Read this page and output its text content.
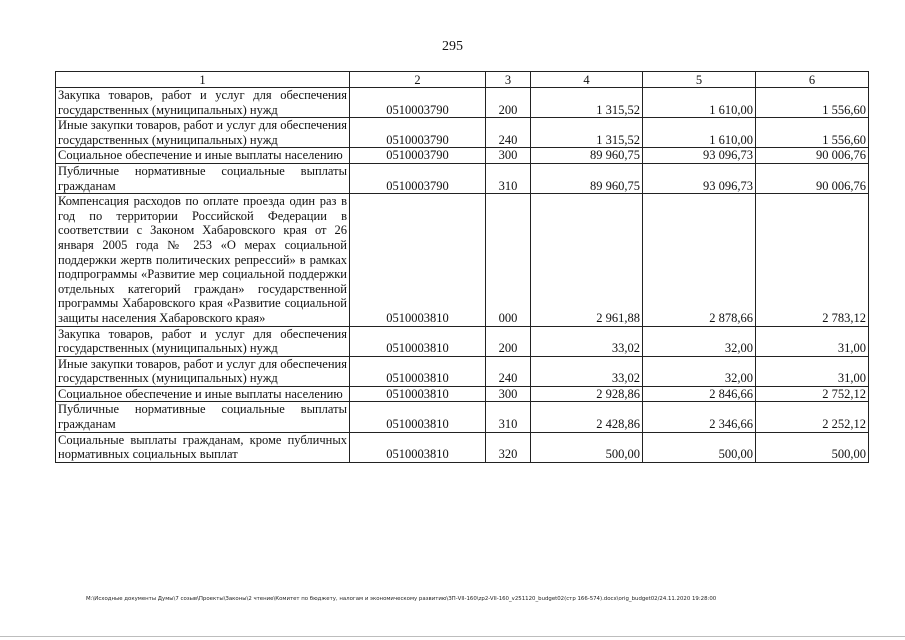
295
1	2	3	4	5	6
Закупка товаров, работ и услуг для обеспечения государственных (муниципальных) нужд	0510003790	200	1 315,52	1 610,00	1 556,60
Иные закупки товаров, работ и услуг для обеспечения государственных (муниципальных) нужд	0510003790	240	1 315,52	1 610,00	1 556,60
Социальное обеспечение и иные выплаты населению	0510003790	300	89 960,75	93 096,73	90 006,76
Публичные нормативные социальные выплаты гражданам	0510003790	310	89 960,75	93 096,73	90 006,76
Компенсация расходов по оплате проезда один раз в год по территории Российской Федерации в соответствии с Законом Хабаровского края от 26 января 2005 года № 253 «О мерах социальной поддержки жертв политических репрессий» в рамках подпрограммы «Развитие мер социальной поддержки отдельных категорий граждан» государственной программы Хабаровского края «Развитие социальной защиты населения Хабаровского края»	0510003810	000	2 961,88	2 878,66	2 783,12
Закупка товаров, работ и услуг для обеспечения государственных (муниципальных) нужд	0510003810	200	33,02	32,00	31,00
Иные закупки товаров, работ и услуг для обеспечения государственных (муниципальных) нужд	0510003810	240	33,02	32,00	31,00
Социальное обеспечение и иные выплаты населению	0510003810	300	2 928,86	2 846,66	2 752,12
Публичные нормативные социальные выплаты гражданам	0510003810	310	2 428,86	2 346,66	2 252,12
Социальные выплаты гражданам, кроме публичных нормативных социальных выплат	0510003810	320	500,00	500,00	500,00
M:\Исходные документы Думы\7 созыв\Проекты\Законы\2 чтение\Комитет по бюджету, налогам и экономическому развитию\ЗП-VII-160\zp2-VII-160_v251120_budget02(стр 166-574).docx\orig_budget02/24.11.2020 19:28:00
